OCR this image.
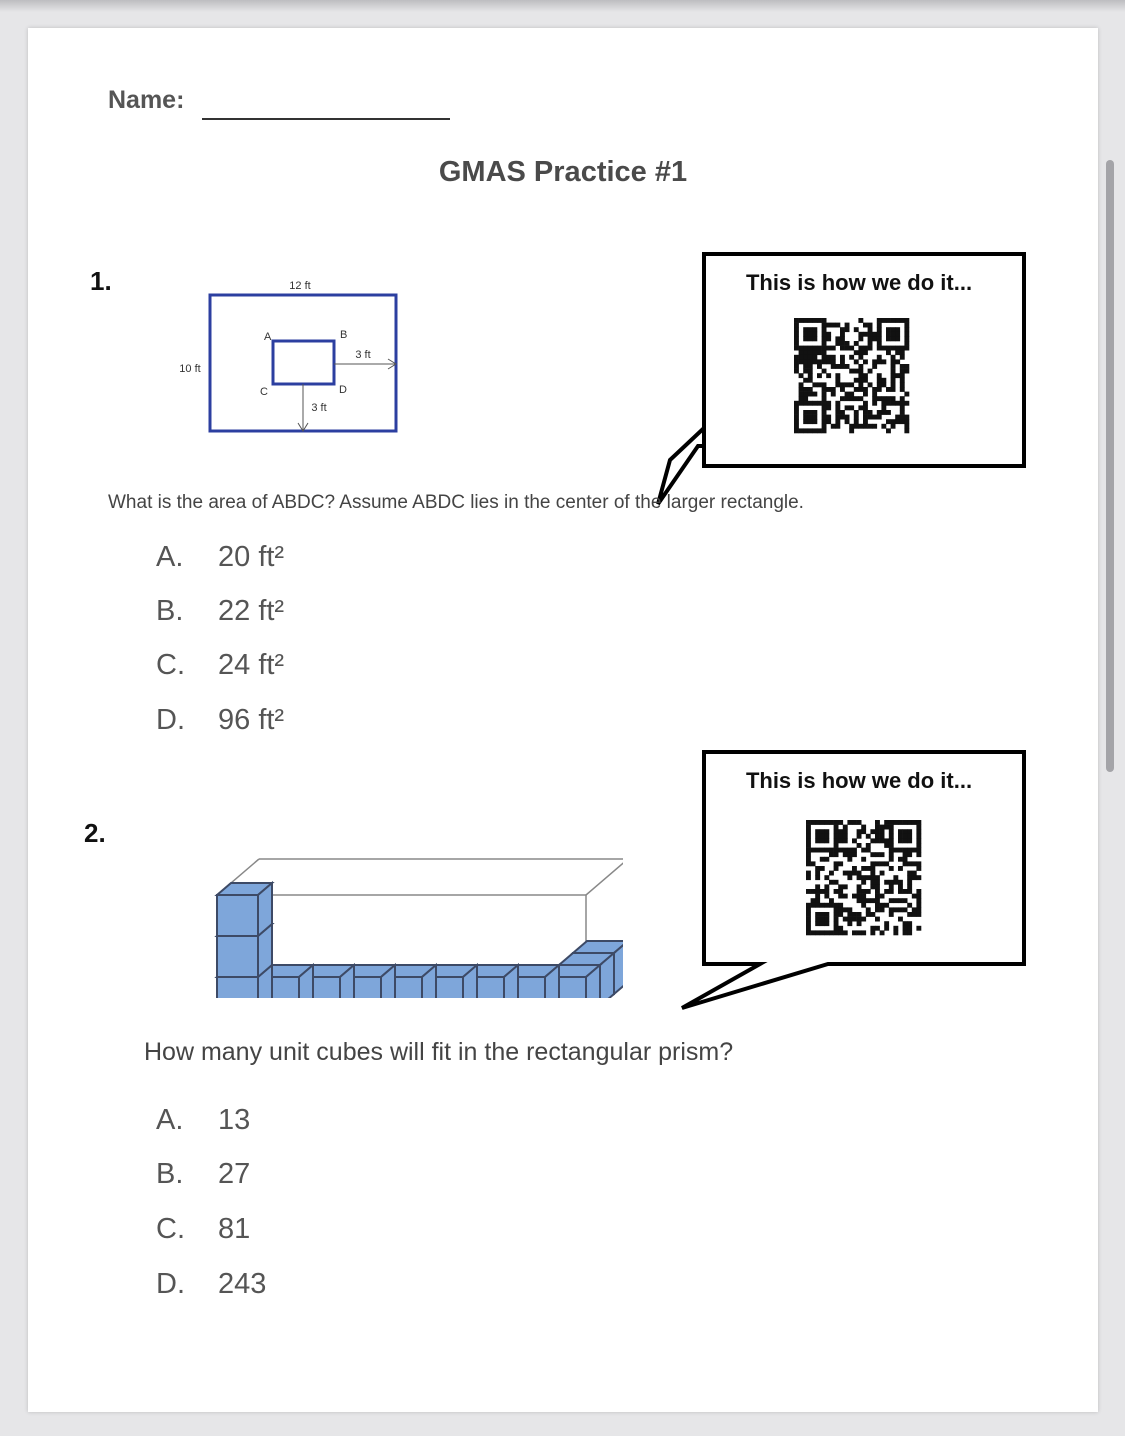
Name:
GMAS Practice #1
1.	12 ft
10 ft
3 ft
3 ft
A	B
C	D
This is how we do it...
What is the area of ABDC? Assume ABDC lies in the center of the larger rectangle.
A. 20 ft²
B. 22 ft²
C. 24 ft²
D. 96 ft²
2.
This is how we do it...
How many unit cubes will fit in the rectangular prism?
A. 13
B. 27
C. 81
D. 243
